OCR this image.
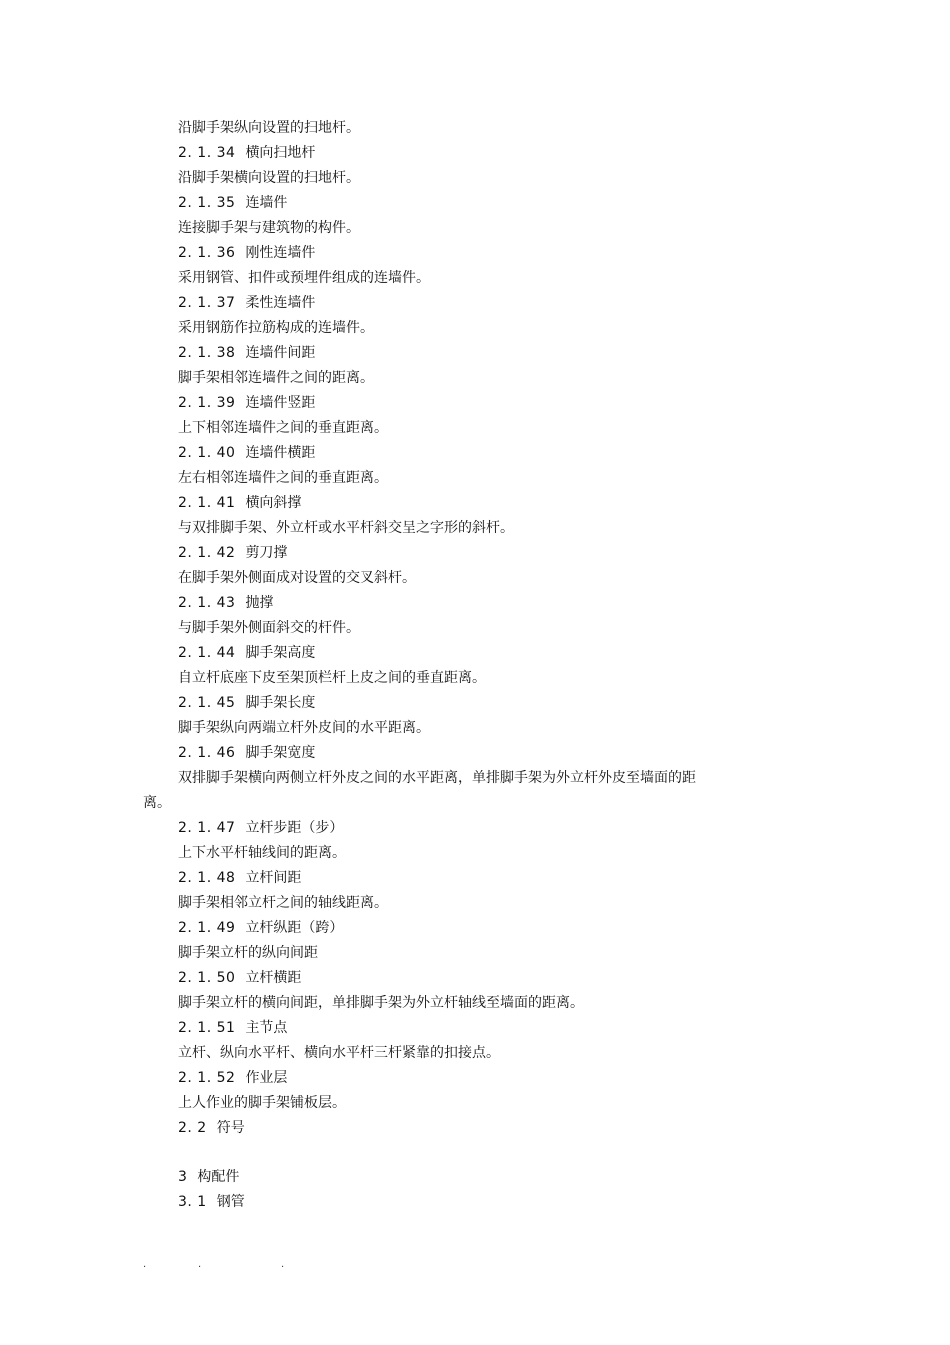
沿脚手架纵向设置的扫地杆。
2. 1. 34 横向扫地杆
沿脚手架横向设置的扫地杆。
2. 1. 35 连墙件
连接脚手架与建筑物的构件。
2. 1. 36 刚性连墙件
采用钢管、扣件或预埋件组成的连墙件。
2. 1. 37 柔性连墙件
采用钢筋作拉筋构成的连墙件。
2. 1. 38 连墙件间距
脚手架相邻连墙件之间的距离。
2. 1. 39 连墙件竖距
上下相邻连墙件之间的垂直距离。
2. 1. 40 连墙件横距
左右相邻连墙件之间的垂直距离。
2. 1. 41 横向斜撑
与双排脚手架、外立杆或水平杆斜交呈之字形的斜杆。
2. 1. 42 剪刀撑
在脚手架外侧面成对设置的交叉斜杆。
2. 1. 43 抛撑
与脚手架外侧面斜交的杆件。
2. 1. 44 脚手架高度
自立杆底座下皮至架顶栏杆上皮之间的垂直距离。
2. 1. 45 脚手架长度
脚手架纵向两端立杆外皮间的水平距离。
2. 1. 46 脚手架宽度
双排脚手架横向两侧立杆外皮之间的水平距离，单排脚手架为外立杆外皮至墙面的距
离。
2. 1. 47 立杆步距（步）
上下水平杆轴线间的距离。
2. 1. 48 立杆间距
脚手架相邻立杆之间的轴线距离。
2. 1. 49 立杆纵距（跨）
脚手架立杆的纵向间距
2. 1. 50 立杆横距
脚手架立杆的横向间距，单排脚手架为外立杆轴线至墙面的距离。
2. 1. 51 主节点
立杆、纵向水平杆、横向水平杆三杆紧靠的扣接点。
2. 1. 52 作业层
上人作业的脚手架铺板层。
2. 2 符号
3 构配件
3. 1 钢管
.	.	.
